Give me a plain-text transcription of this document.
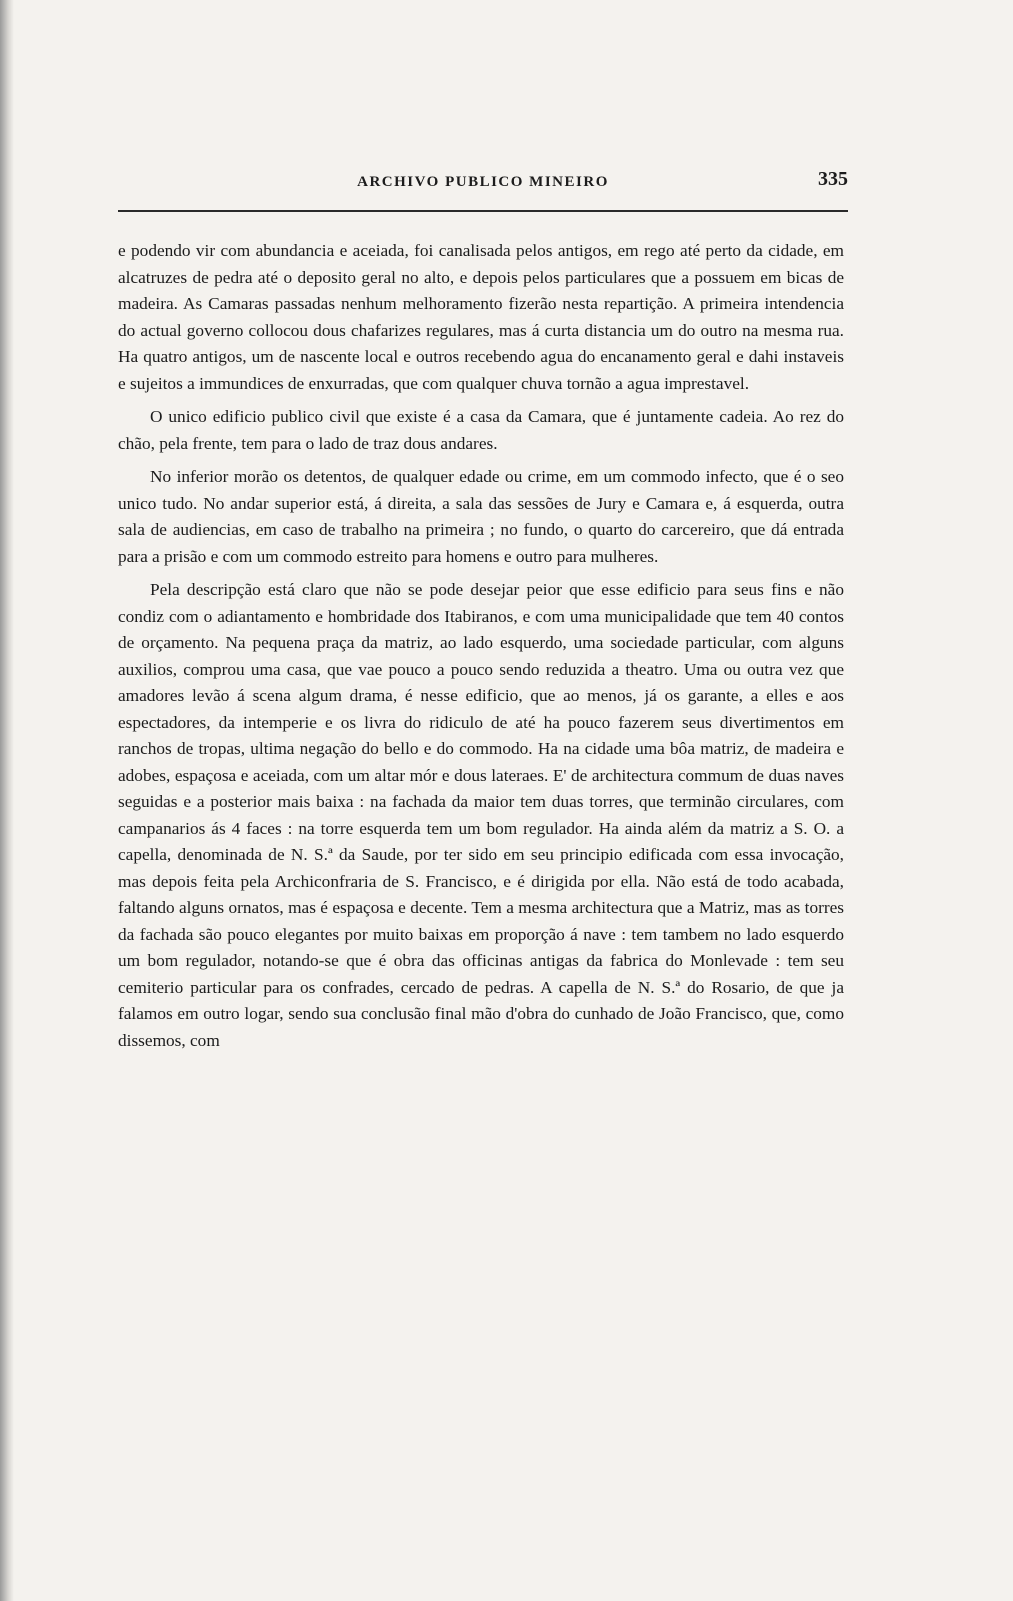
ARCHIVO PUBLICO MINEIRO	335

e podendo vir com abundancia e aceiada, foi canalisada pelos antigos, em rego até perto da cidade, em alcatruzes de pedra até o deposito geral no alto, e depois pelos particulares que a possuem em bicas de madeira. As Camaras passadas nenhum melhoramento fizerão nesta repartição. A primeira intendencia do actual governo collocou dous chafarizes regulares, mas á curta distancia um do outro na mesma rua. Ha quatro antigos, um de nascente local e outros recebendo agua do encanamento geral e dahi instaveis e sujeitos a immundices de enxurradas, que com qualquer chuva tornão a agua imprestavel.

O unico edificio publico civil que existe é a casa da Camara, que é juntamente cadeia. Ao rez do chão, pela frente, tem para o lado de traz dous andares.

No inferior morão os detentos, de qualquer edade ou crime, em um commodo infecto, que é o seo unico tudo. No andar superior está, á direita, a sala das sessões de Jury e Camara e, á esquerda, outra sala de audiencias, em caso de trabalho na primeira ; no fundo, o quarto do carcereiro, que dá entrada para a prisão e com um commodo estreito para homens e outro para mulheres.

Pela descripção está claro que não se pode desejar peior que esse edificio para seus fins e não condiz com o adiantamento e hombridade dos Itabiranos, e com uma municipalidade que tem 40 contos de orçamento. Na pequena praça da matriz, ao lado esquerdo, uma sociedade particular, com alguns auxilios, comprou uma casa, que vae pouco a pouco sendo reduzida a theatro. Uma ou outra vez que amadores levão á scena algum drama, é nesse edificio, que ao menos, já os garante, a elles e aos espectadores, da intemperie e os livra do ridiculo de até ha pouco fazerem seus divertimentos em ranchos de tropas, ultima negação do bello e do commodo. Ha na cidade uma bôa matriz, de madeira e adobes, espaçosa e aceiada, com um altar mór e dous lateraes. E' de architectura commum de duas naves seguidas e a posterior mais baixa : na fachada da maior tem duas torres, que terminão circulares, com campanarios ás 4 faces : na torre esquerda tem um bom regulador. Ha ainda além da matriz a S. O. a capella, denominada de N. S.ª da Saude, por ter sido em seu principio edificada com essa invocação, mas depois feita pela Archiconfraria de S. Francisco, e é dirigida por ella. Não está de todo acabada, faltando alguns ornatos, mas é espaçosa e decente. Tem a mesma architectura que a Matriz, mas as torres da fachada são pouco elegantes por muito baixas em proporção á nave : tem tambem no lado esquerdo um bom regulador, notando-se que é obra das officinas antigas da fabrica do Monlevade : tem seu cemiterio particular para os confrades, cercado de pedras. A capella de N. S.ª do Rosario, de que ja falamos em outro logar, sendo sua conclusão final mão d'obra do cunhado de João Francisco, que, como dissemos, com
